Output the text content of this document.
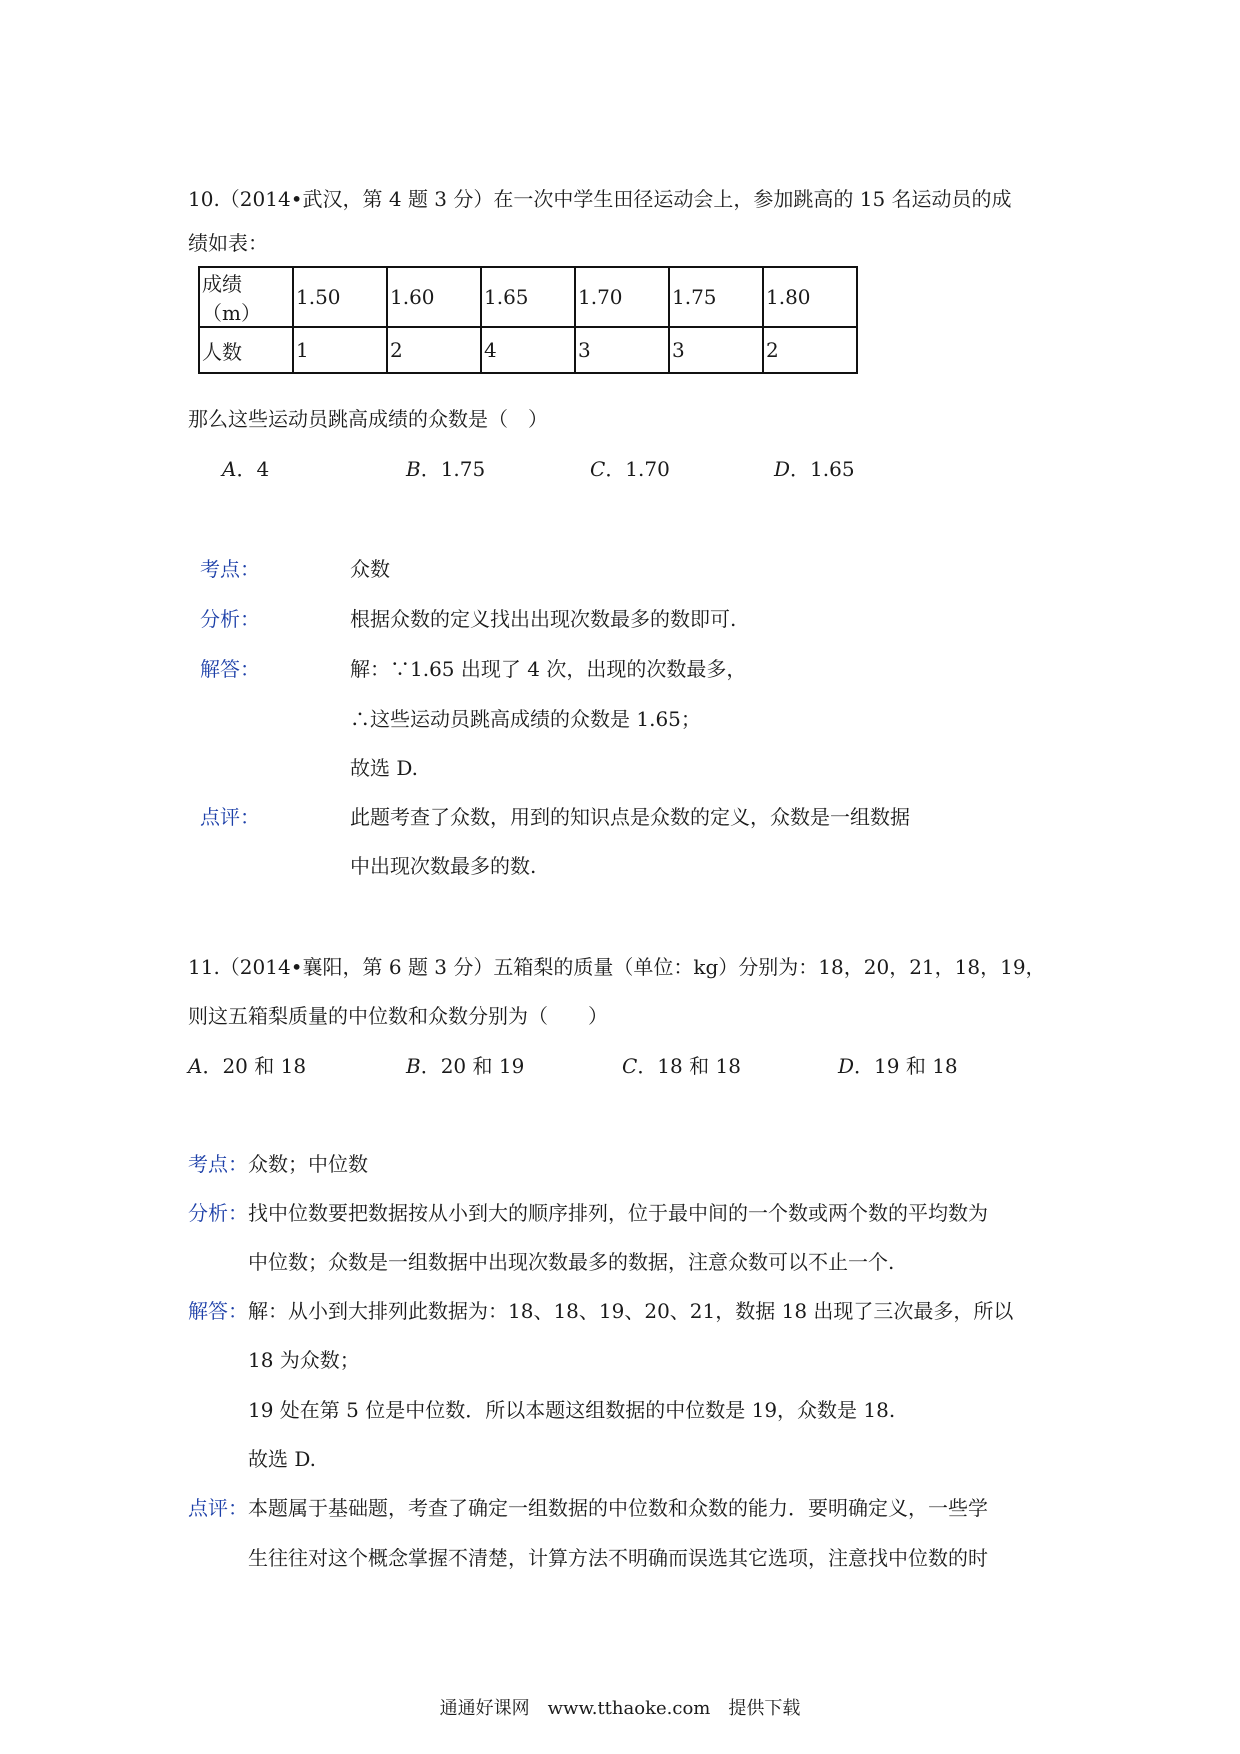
10.（2014•武汉，第 4 题 3 分）在一次中学生田径运动会上，参加跳高的 15 名运动员的成
绩如表：
成绩（m）	1.50	1.60	1.65	1.70	1.75	1.80
人数	1	2	4	3	3	2
那么这些运动员跳高成绩的众数是（　）
A．4	B．1.75	C．1.70	D．1.65
考点：	众数
分析：	根据众数的定义找出出现次数最多的数即可.
解答：	解：∵1.65 出现了 4 次，出现的次数最多，
∴这些运动员跳高成绩的众数是 1.65；
故选 D.
点评：	此题考查了众数，用到的知识点是众数的定义，众数是一组数据
中出现次数最多的数.
11.（2014•襄阳，第 6 题 3 分）五箱梨的质量（单位：kg）分别为：18，20，21，18，19，
则这五箱梨质量的中位数和众数分别为（　　）
A．20 和 18	B．20 和 19	C．18 和 18	D．19 和 18
考点： 众数；中位数
分析： 找中位数要把数据按从小到大的顺序排列，位于最中间的一个数或两个数的平均数为
中位数；众数是一组数据中出现次数最多的数据，注意众数可以不止一个.
解答： 解：从小到大排列此数据为：18、18、19、20、21，数据 18 出现了三次最多，所以
18 为众数；
19 处在第 5 位是中位数．所以本题这组数据的中位数是 19，众数是 18.
故选 D.
点评： 本题属于基础题，考查了确定一组数据的中位数和众数的能力．要明确定义，一些学
生往往对这个概念掌握不清楚，计算方法不明确而误选其它选项，注意找中位数的时
通通好课网　www.tthaoke.com　提供下载
